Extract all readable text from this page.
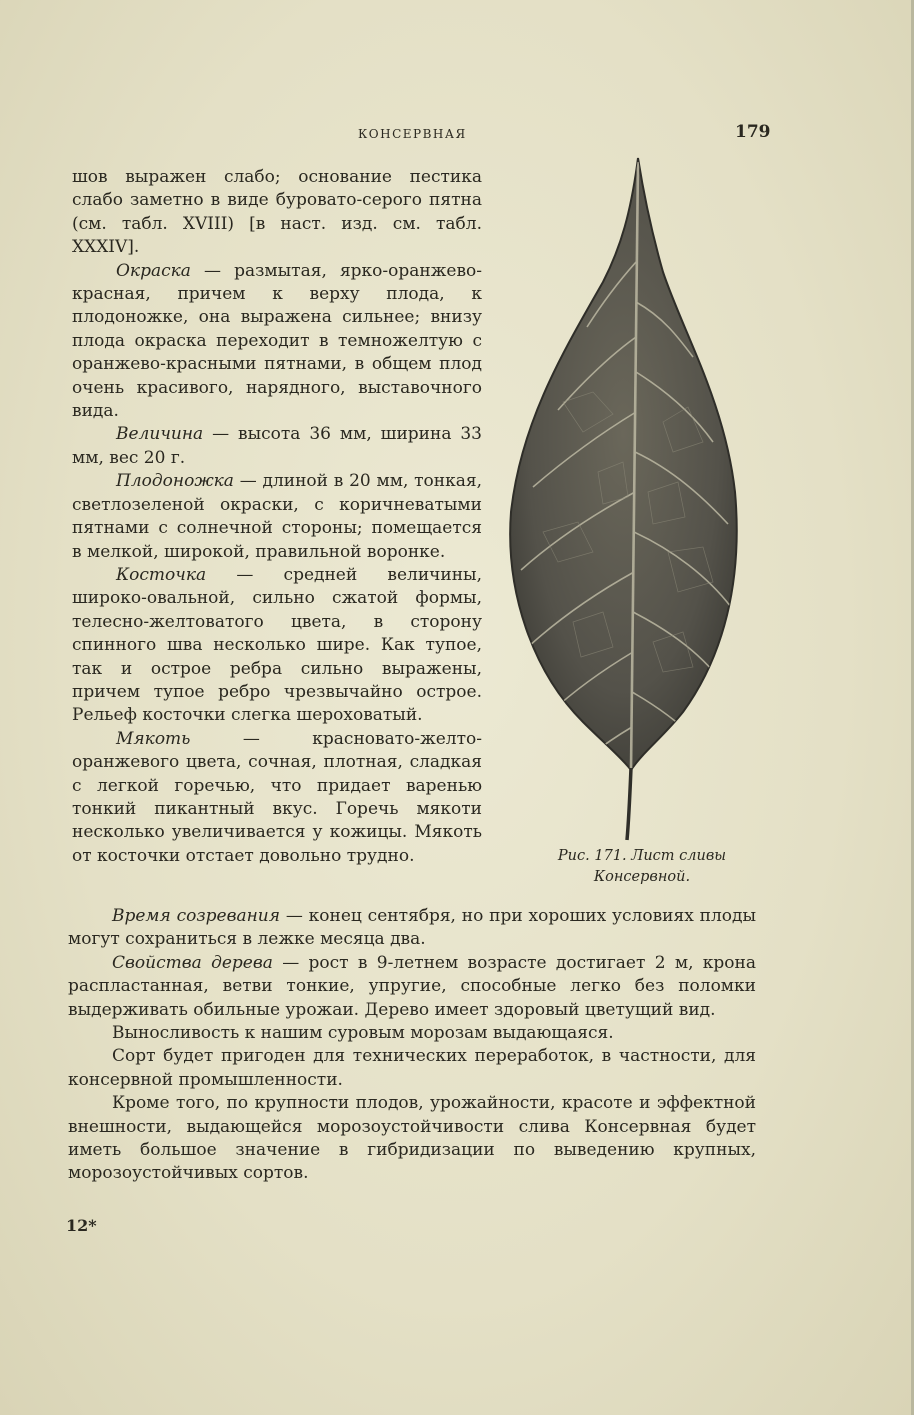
КОНСЕРВНАЯ	179

шов выражен слабо; основание пестика слабо заметно в виде буровато-серого пятна (см. табл. XVIII) [в наст. изд. см. табл. XXXIV].

Окраска — размытая, ярко-оранжево-красная, причем к верху плода, к плодоножке, она выражена сильнее; внизу плода окраска переходит в темножелтую с оранжево-красными пятнами, в общем плод очень красивого, нарядного, выставочного вида.

Величина — высота 36 мм, ширина 33 мм, вес 20 г.

Плодоножка — длиной в 20 мм, тонкая, светлозеленой окраски, с коричневатыми пятнами с солнечной стороны; помещается в мелкой, широкой, правильной воронке.

Косточка — средней величины, широко-овальной, сильно сжатой формы, телесно-желтоватого цвета, в сторону спинного шва несколько шире. Как тупое, так и острое ребра сильно выражены, причем тупое ребро чрезвычайно острое. Рельеф косточки слегка шероховатый.

Мякоть — красновато-желто-оранжевого цвета, сочная, плотная, сладкая с легкой горечью, что придает варенью тонкий пикантный вкус. Горечь мякоти несколько увеличивается у кожицы. Мякоть от косточки отстает довольно трудно.	Рис. 171. Лист сливы
Консервной.

Время созревания — конец сентября, но при хороших условиях плоды могут сохраниться в лежке месяца два.

Свойства дерева — рост в 9-летнем возрасте достигает 2 м, крона распластанная, ветви тонкие, упругие, способные легко без поломки выдерживать обильные урожаи. Дерево имеет здоровый цветущий вид.

Выносливость к нашим суровым морозам выдающаяся.

Сорт будет пригоден для технических переработок, в частности, для консервной промышленности.

Кроме того, по крупности плодов, урожайности, красоте и эффектной внешности, выдающейся морозоустойчивости слива Консервная будет иметь большое значение в гибридизации по выведению крупных, морозоустойчивых сортов.

12*
